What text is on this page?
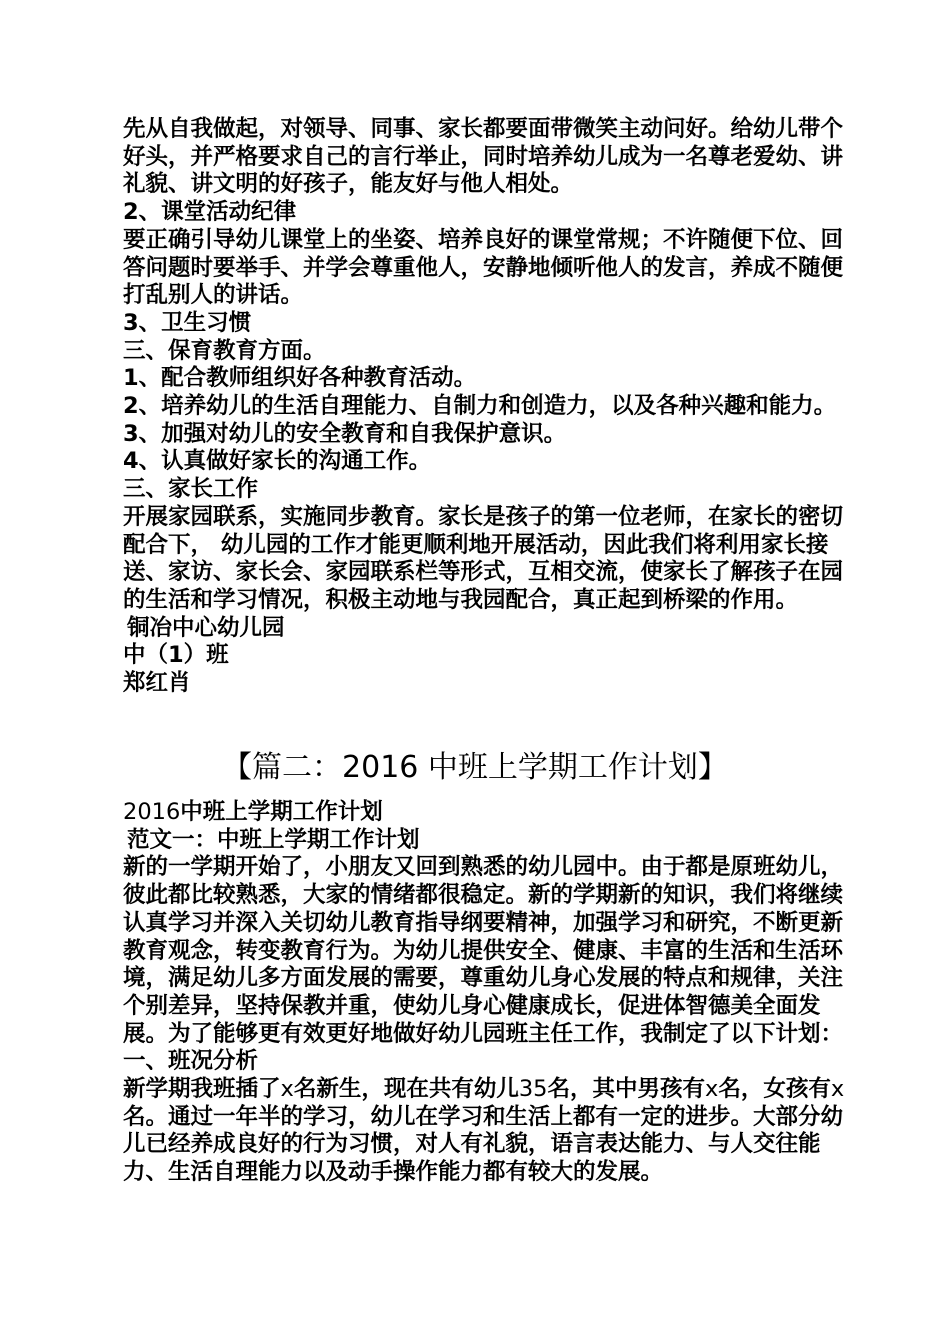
先从自我做起，对领导、同事、家长都要面带微笑主动问好。给幼儿带个好头，并严格要求自己的言行举止，同时培养幼儿成为一名尊老爱幼、讲礼貌、讲文明的好孩子，能友好与他人相处。

2、课堂活动纪律

要正确引导幼儿课堂上的坐姿、培养良好的课堂常规；不许随便下位、回答问题时要举手、并学会尊重他人，安静地倾听他人的发言，养成不随便打乱别人的讲话。

3、卫生习惯

三、保育教育方面。

1、配合教师组织好各种教育活动。

2、培养幼儿的生活自理能力、自制力和创造力，以及各种兴趣和能力。

3、加强对幼儿的安全教育和自我保护意识。

4、认真做好家长的沟通工作。

三、家长工作

开展家园联系，实施同步教育。家长是孩子的第一位老师，在家长的密切配合下， 幼儿园的工作才能更顺利地开展活动，因此我们将利用家长接送、家访、家长会、家园联系栏等形式，互相交流，使家长了解孩子在园的生活和学习情况，积极主动地与我园配合，真正起到桥梁的作用。

铜冶中心幼儿园

中（1）班

郑红肖

【篇二：2016 中班上学期工作计划】

2016中班上学期工作计划

范文一：中班上学期工作计划

新的一学期开始了，小朋友又回到熟悉的幼儿园中。由于都是原班幼儿，彼此都比较熟悉，大家的情绪都很稳定。新的学期新的知识，我们将继续认真学习并深入关切幼儿教育指导纲要精神，加强学习和研究，不断更新教育观念，转变教育行为。为幼儿提供安全、健康、丰富的生活和生活环境，满足幼儿多方面发展的需要，尊重幼儿身心发展的特点和规律，关注个别差异，坚持保教并重，使幼儿身心健康成长，促进体智德美全面发展。为了能够更有效更好地做好幼儿园班主任工作，我制定了以下计划：

一、班况分析

新学期我班插了x名新生，现在共有幼儿35名，其中男孩有x名，女孩有x名。通过一年半的学习，幼儿在学习和生活上都有一定的进步。大部分幼儿已经养成良好的行为习惯，对人有礼貌，语言表达能力、与人交往能力、生活自理能力以及动手操作能力都有较大的发展。
